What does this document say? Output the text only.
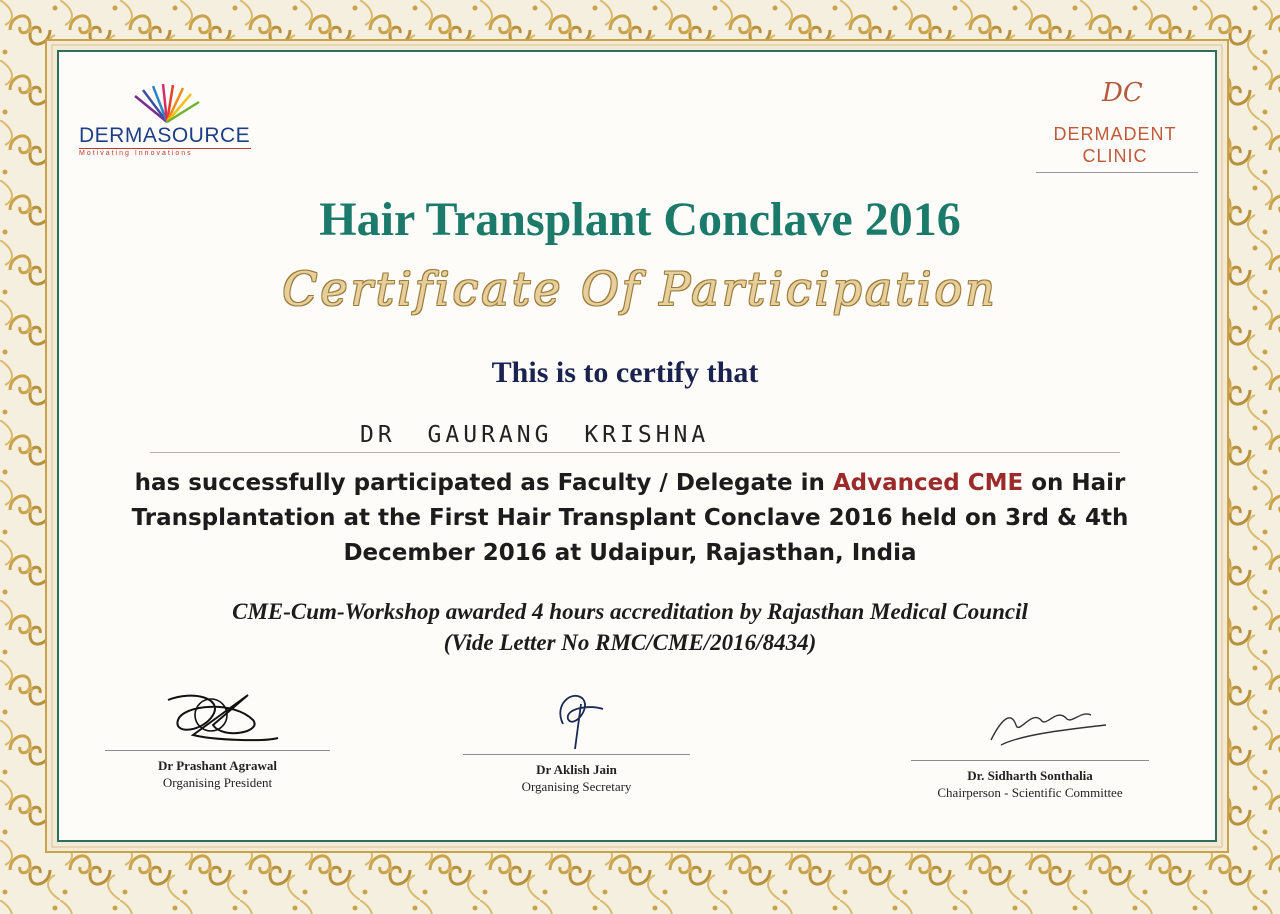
DERMASOURCE
Motivating Innovations
DC
DERMADENT
CLINIC
Hair Transplant Conclave 2016
Certificate Of Participation
This is to certify that
DR GAURANG KRISHNA
has successfully participated as Faculty / Delegate in Advanced CME on Hair Transplantation at the First Hair Transplant Conclave 2016 held on 3rd & 4th December 2016 at Udaipur, Rajasthan, India
CME-Cum-Workshop awarded 4 hours accreditation by Rajasthan Medical Council
(Vide Letter No RMC/CME/2016/8434)
Dr Prashant Agrawal
Organising President
Dr Aklish Jain
Organising Secretary
Dr. Sidharth Sonthalia
Chairperson - Scientific Committee
